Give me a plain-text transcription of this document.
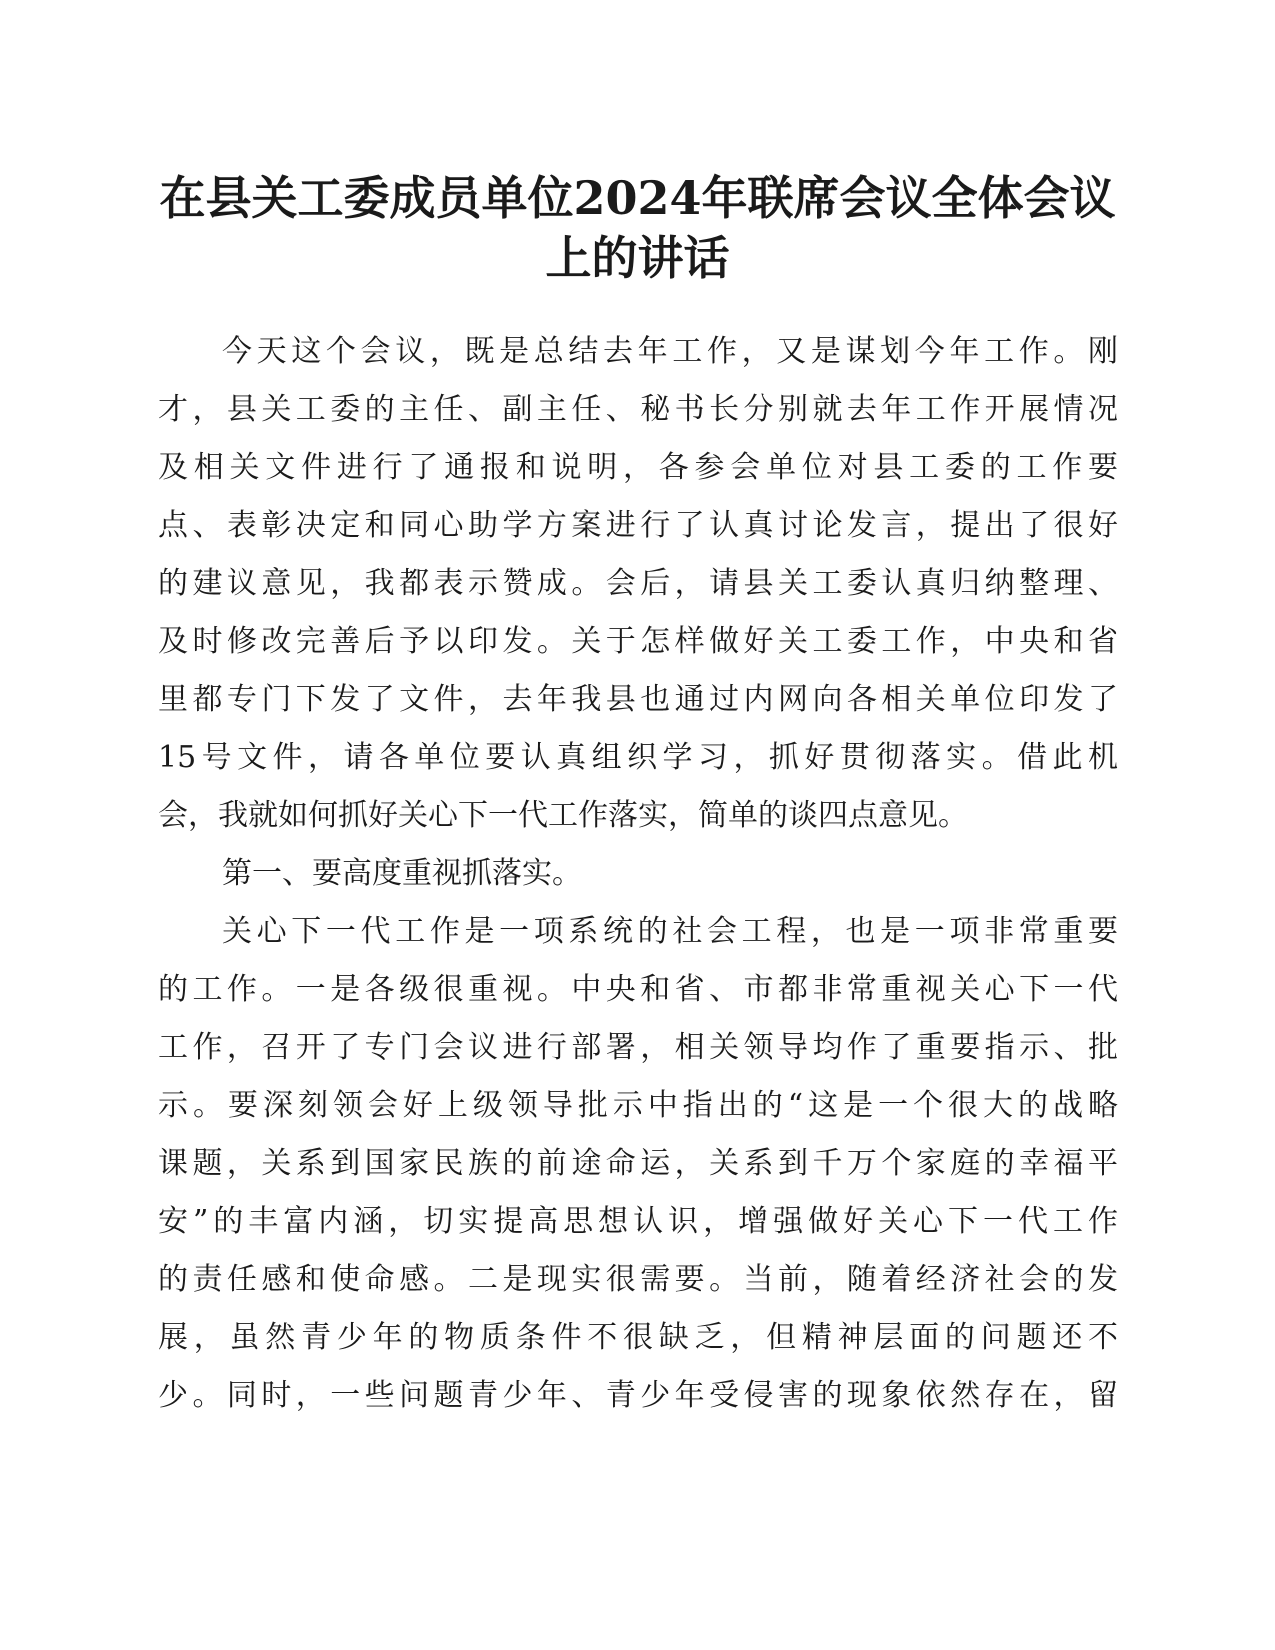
在县关工委成员单位2024年联席会议全体会议
上的讲话
今天这个会议，既是总结去年工作，又是谋划今年工作。刚
才，县关工委的主任、副主任、秘书长分别就去年工作开展情况
及相关文件进行了通报和说明，各参会单位对县工委的工作要
点、表彰决定和同心助学方案进行了认真讨论发言，提出了很好
的建议意见，我都表示赞成。会后，请县关工委认真归纳整理、
及时修改完善后予以印发。关于怎样做好关工委工作，中央和省
里都专门下发了文件，去年我县也通过内网向各相关单位印发了
15号文件，请各单位要认真组织学习，抓好贯彻落实。借此机
会，我就如何抓好关心下一代工作落实，简单的谈四点意见。
第一、要高度重视抓落实。
关心下一代工作是一项系统的社会工程，也是一项非常重要
的工作。一是各级很重视。中央和省、市都非常重视关心下一代
工作，召开了专门会议进行部署，相关领导均作了重要指示、批
示。要深刻领会好上级领导批示中指出的“这是一个很大的战略
课题，关系到国家民族的前途命运，关系到千万个家庭的幸福平
安”的丰富内涵，切实提高思想认识，增强做好关心下一代工作
的责任感和使命感。二是现实很需要。当前，随着经济社会的发
展，虽然青少年的物质条件不很缺乏，但精神层面的问题还不
少。同时，一些问题青少年、青少年受侵害的现象依然存在，留
